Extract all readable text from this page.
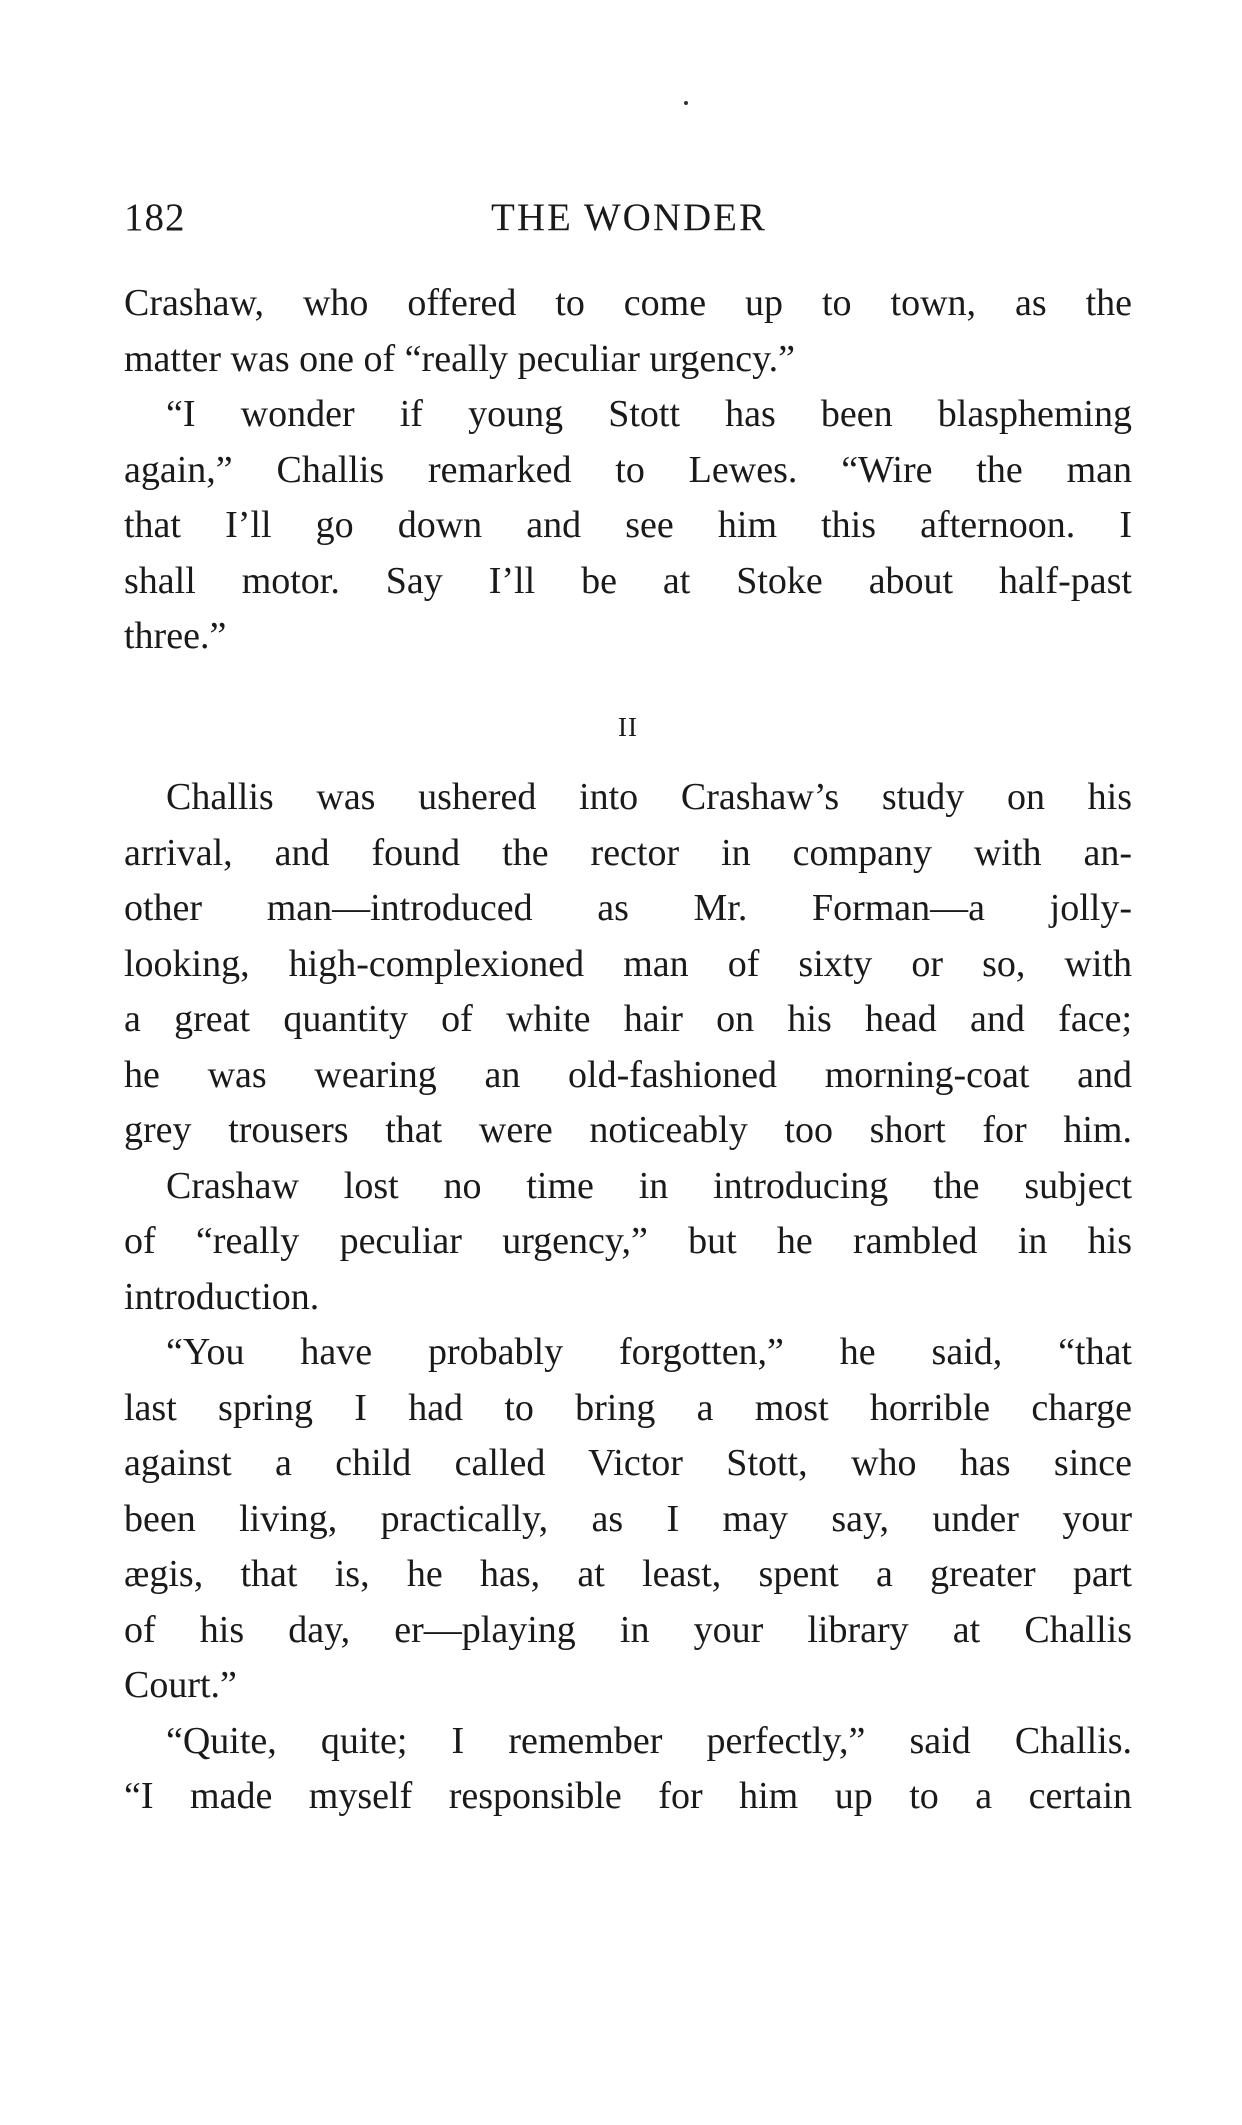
182	THE WONDER
Crashaw, who offered to come up to town, as the
matter was one of “really peculiar urgency.”
“I wonder if young Stott has been blaspheming
again,” Challis remarked to Lewes. “Wire the man
that I’ll go down and see him this afternoon. I
shall motor. Say I’ll be at Stoke about half-past
three.”
II
Challis was ushered into Crashaw’s study on his
arrival, and found the rector in company with an-
other man—introduced as Mr. Forman—a jolly-
looking, high-complexioned man of sixty or so, with
a great quantity of white hair on his head and face;
he was wearing an old-fashioned morning-coat and
grey trousers that were noticeably too short for him.
Crashaw lost no time in introducing the subject
of “really peculiar urgency,” but he rambled in his
introduction.
“You have probably forgotten,” he said, “that
last spring I had to bring a most horrible charge
against a child called Victor Stott, who has since
been living, practically, as I may say, under your
ægis, that is, he has, at least, spent a greater part
of his day, er—playing in your library at Challis
Court.”
“Quite, quite; I remember perfectly,” said Challis.
“I made myself responsible for him up to a certain
